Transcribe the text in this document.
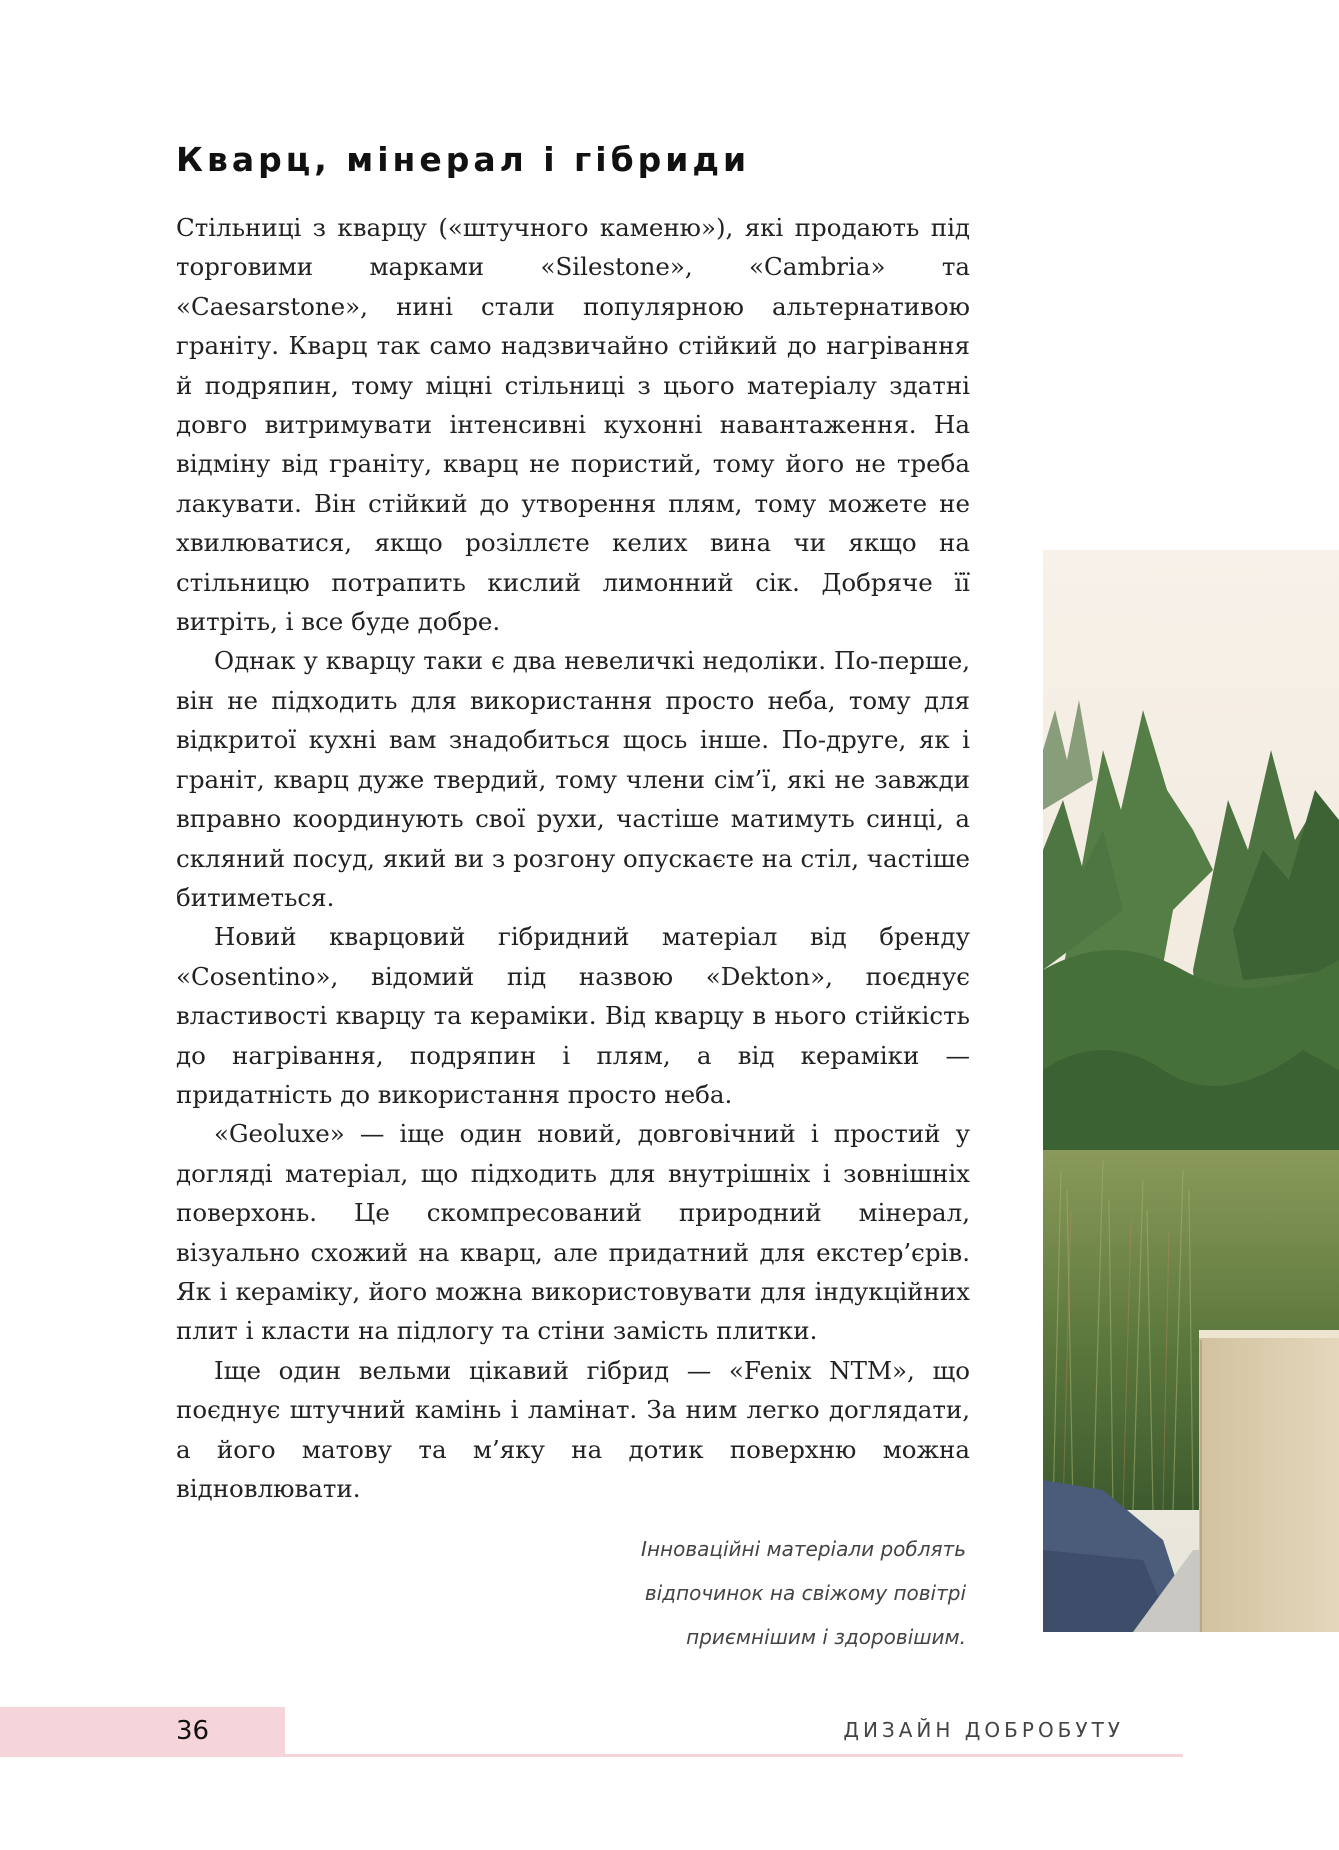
Кварц, мінерал і гібриди

Стільниці з кварцу («штучного каменю»), які продають під торговими марками «Silestone», «Cambria» та «Caesarstone», нині стали популярною альтернативою граніту. Кварц так само надзвичайно стійкий до нагрівання й подряпин, тому міцні стільниці з цього матеріалу здатні довго витримувати інтенсивні кухонні навантаження. На відміну від граніту, кварц не пористий, тому його не треба лакувати. Він стійкий до утворення плям, тому можете не хвилюватися, якщо розіллєте келих вина чи якщо на стільницю потрапить кислий лимонний сік. Добряче її витріть, і все буде добре.

Однак у кварцу таки є два невеличкі недоліки. По-перше, він не підходить для використання просто неба, тому для відкритої кухні вам знадобиться щось інше. По-друге, як і граніт, кварц дуже твердий, тому члени сім’ї, які не завжди вправно координують свої рухи, частіше матимуть синці, а скляний посуд, який ви з розгону опускаєте на стіл, частіше битиметься.

Новий кварцовий гібридний матеріал від бренду «Cosentino», відомий під назвою «Dekton», поєднує властивості кварцу та кераміки. Від кварцу в нього стійкість до нагрівання, подряпин і плям, а від кераміки — придатність до використання просто неба.

«Geoluxe» — іще один новий, довговічний і простий у догляді матеріал, що підходить для внутрішніх і зовнішніх поверхонь. Це скомпресований природний мінерал, візуально схожий на кварц, але придатний для екстер’єрів. Як і кераміку, його можна використовувати для індукційних плит і класти на підлогу та стіни замість плитки.

Іще один вельми цікавий гібрид — «Fenix NTM», що поєднує штучний камінь і ламінат. За ним легко доглядати, а його матову та м’яку на дотик поверхню можна відновлювати.

Інноваційні матеріали роблять
відпочинок на свіжому повітрі
приємнішим і здоровішим.
36	ДИЗАЙН ДОБРОБУТУ
